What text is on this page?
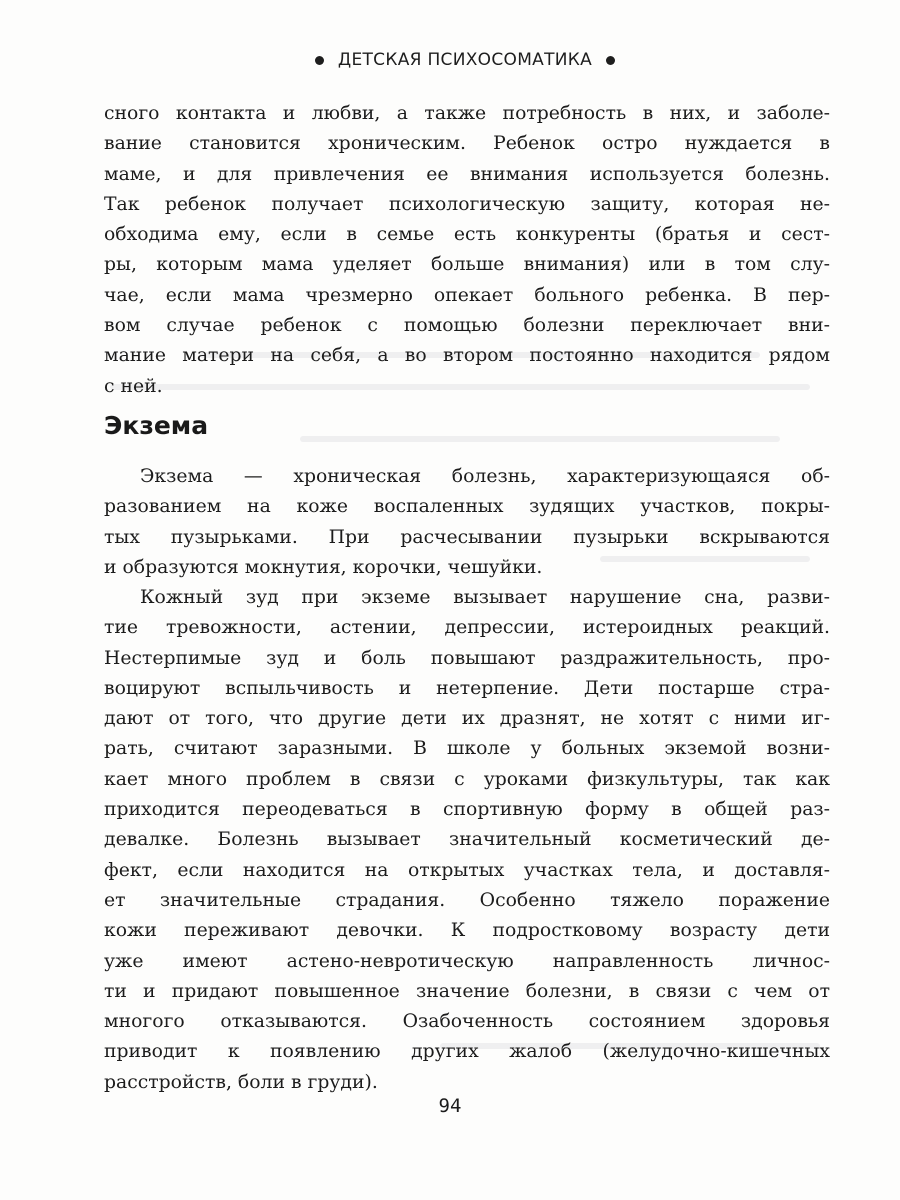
ДЕТСКАЯ ПСИХОСОМАТИКА

сного контакта и любви, а также потребность в них, и заболе-
вание становится хроническим. Ребенок остро нуждается в
маме, и для привлечения ее внимания используется болезнь.
Так ребенок получает психологическую защиту, которая не-
обходима ему, если в семье есть конкуренты (братья и сест-
ры, которым мама уделяет больше внимания) или в том слу-
чае, если мама чрезмерно опекает больного ребенка. В пер-
вом случае ребенок с помощью болезни переключает вни-
мание матери на себя, а во втором постоянно находится рядом
с ней.

Экзема

Экзема — хроническая болезнь, характеризующаяся об-
разованием на коже воспаленных зудящих участков, покры-
тых пузырьками. При расчесывании пузырьки вскрываются
и образуются мокнутия, корочки, чешуйки.

Кожный зуд при экземе вызывает нарушение сна, разви-
тие тревожности, астении, депрессии, истероидных реакций.
Нестерпимые зуд и боль повышают раздражительность, про-
воцируют вспыльчивость и нетерпение. Дети постарше стра-
дают от того, что другие дети их дразнят, не хотят с ними иг-
рать, считают заразными. В школе у больных экземой возни-
кает много проблем в связи с уроками физкультуры, так как
приходится переодеваться в спортивную форму в общей раз-
девалке. Болезнь вызывает значительный косметический де-
фект, если находится на открытых участках тела, и доставля-
ет значительные страдания. Особенно тяжело поражение
кожи переживают девочки. К подростковому возрасту дети
уже имеют астено-невротическую направленность личнос-
ти и придают повышенное значение болезни, в связи с чем от
многого отказываются. Озабоченность состоянием здоровья
приводит к появлению других жалоб (желудочно-кишечных
расстройств, боли в груди).

94
